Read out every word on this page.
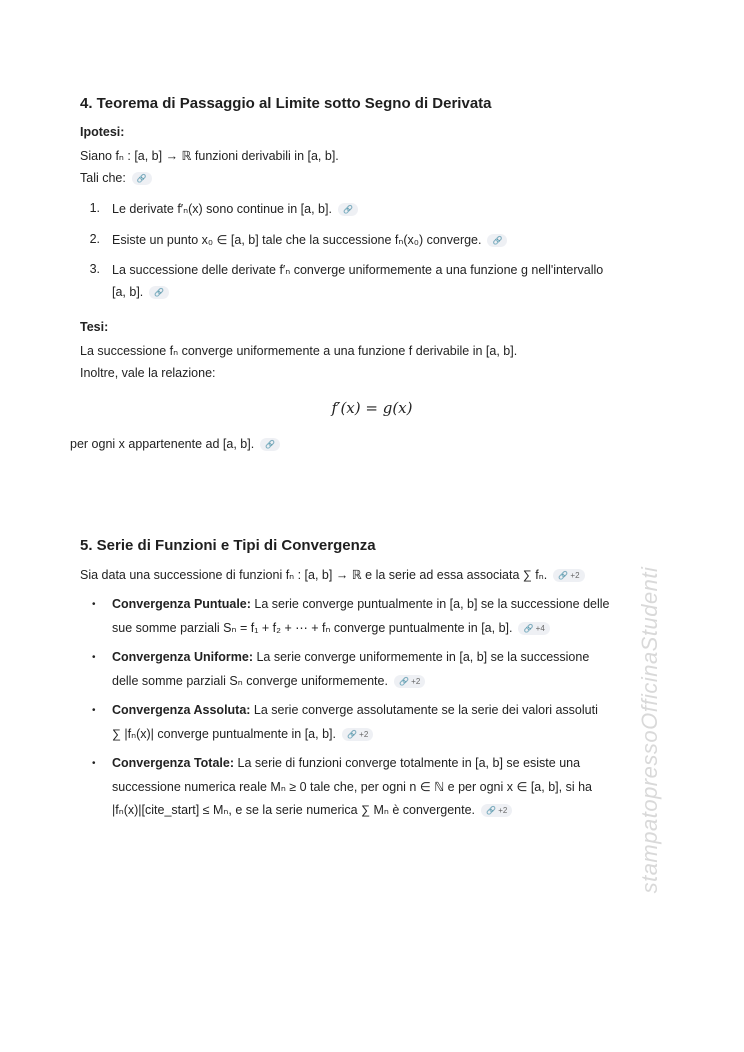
4. Teorema di Passaggio al Limite sotto Segno di Derivata
Ipotesi:
Siano fₙ : [a, b] → ℝ funzioni derivabili in [a, b].
Tali che: 🔗
1. Le derivate f′ₙ(x) sono continue in [a, b]. 🔗
2. Esiste un punto x₀ ∈ [a, b] tale che la successione fₙ(x₀) converge. 🔗
3. La successione delle derivate f′ₙ converge uniformemente a una funzione g nell'intervallo
[a, b]. 🔗
Tesi:
La successione fₙ converge uniformemente a una funzione f derivabile in [a, b].
Inoltre, vale la relazione:
f′(x) = g(x)
per ogni x appartenente ad [a, b]. 🔗
5. Serie di Funzioni e Tipi di Convergenza
Sia data una successione di funzioni fₙ : [a, b] → ℝ e la serie ad essa associata ∑ fₙ. 🔗 +2
• Convergenza Puntuale: La serie converge puntualmente in [a, b] se la successione delle
sue somme parziali Sₙ = f₁ + f₂ + ⋯ + fₙ converge puntualmente in [a, b]. 🔗 +4
• Convergenza Uniforme: La serie converge uniformemente in [a, b] se la successione
delle somme parziali Sₙ converge uniformemente. 🔗 +2
• Convergenza Assoluta: La serie converge assolutamente se la serie dei valori assoluti
∑ |fₙ(x)| converge puntualmente in [a, b]. 🔗 +2
• Convergenza Totale: La serie di funzioni converge totalmente in [a, b] se esiste una
successione numerica reale Mₙ ≥ 0 tale che, per ogni n ∈ ℕ e per ogni x ∈ [a, b], si ha
|fₙ(x)|[cite_start] ≤ Mₙ, e se la serie numerica ∑ Mₙ è convergente. 🔗 +2	stampatopressoOfficinaStudenti
